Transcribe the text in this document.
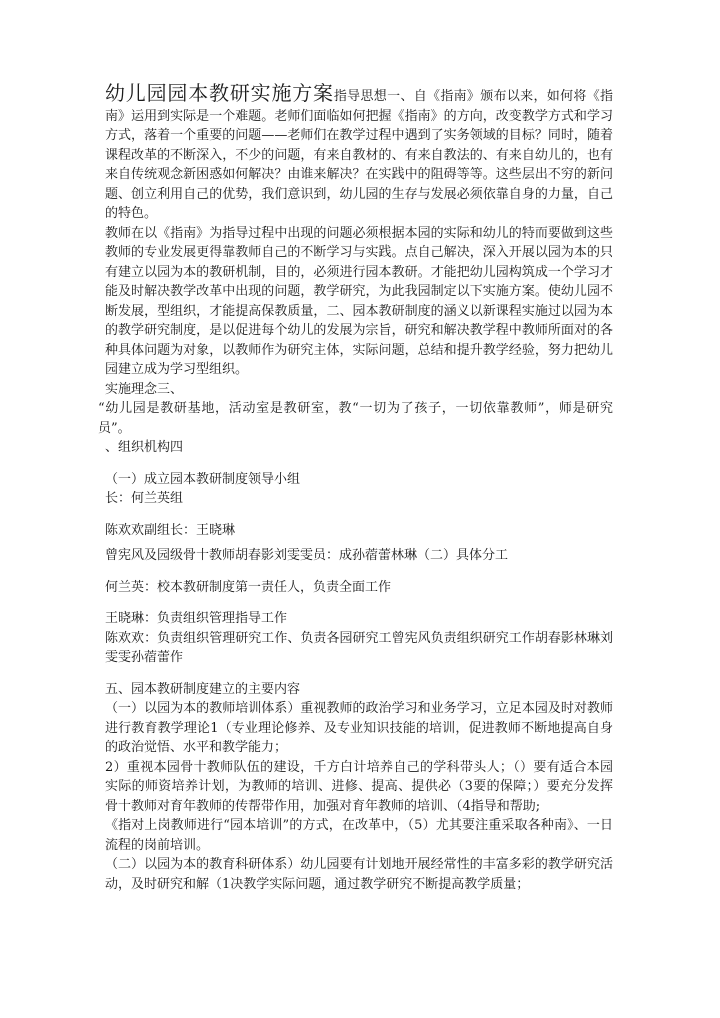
幼儿园园本教研实施方案指导思想一、自《指南》颁布以来，如何将《指南》运用到实际是一个难题。老师们面临如何把握《指南》的方向，改变教学方式和学习方式，落着一个重要的问题——老师们在教学过程中遇到了实务领域的目标？同时，随着课程改革的不断深入，不少的问题，有来自教材的、有来自教法的、有来自幼儿的，也有来自传统观念新困惑如何解决？由谁来解决？在实践中的阻碍等等。这些层出不穷的新问题、创立利用自己的优势，我们意识到，幼儿园的生存与发展必须依靠自身的力量，自己的特色。

教师在以《指南》为指导过程中出现的问题必须根据本园的实际和幼儿的特而要做到这些教师的专业发展更得靠教师自己的不断学习与实践。点自己解决，深入开展以园为本的只有建立以园为本的教研机制，目的，必须进行园本教研。才能把幼儿园构筑成一个学习才能及时解决教学改革中出现的问题，教学研究，为此我园制定以下实施方案。使幼儿园不断发展，型组织，才能提高保教质量，二、园本教研制度的涵义以新课程实施过以园为本的教学研究制度，是以促进每个幼儿的发展为宗旨，研究和解决教学程中教师所面对的各种具体问题为对象，以教师作为研究主体，实际问题，总结和提升教学经验，努力把幼儿园建立成为学习型组织。

实施理念三、

“幼儿园是教研基地，活动室是教研室，教“一切为了孩子，一切依靠教师”，师是研究员”。

、组织机构四

（一）成立园本教研制度领导小组

长：何兰英组

陈欢欢副组长：王晓琳

曾宪风及园级骨十教师胡春影刘雯雯员：成孙蓿蕾林琳（二）具体分工

何兰英：校本教研制度第一责任人，负责全面工作

王晓琳：负责组织管理指导工作

陈欢欢：负责组织管理研究工作、负责各园研究工曾宪风负责组织研究工作胡春影林琳刘雯雯孙蓿蕾作

五、园本教研制度建立的主要内容

（一）以园为本的教师培训体系）重视教师的政治学习和业务学习，立足本园及时对教师进行教育教学理论1（专业理论修养、及专业知识技能的培训，促进教师不断地提高自身的政治觉悟、水平和教学能力；

2）重视本园骨十教师队伍的建设，千方白计培养自己的学科带头人；（）要有适合本园实际的师资培养计划，为教师的培训、进修、提高、提供必（3要的保障；）要充分发挥骨十教师对育年教师的传帮带作用，加强对育年教师的培训、（4指导和帮助;

《指对上岗教师进行“园本培训”的方式，在改革中，（5）尤其要注重采取各种南》、一日流程的岗前培训。

（二）以园为本的教育科研体系）幼儿园要有计划地开展经常性的丰富多彩的教学研究活动，及时研究和解（1决教学实际问题，通过教学研究不断提高教学质量；
